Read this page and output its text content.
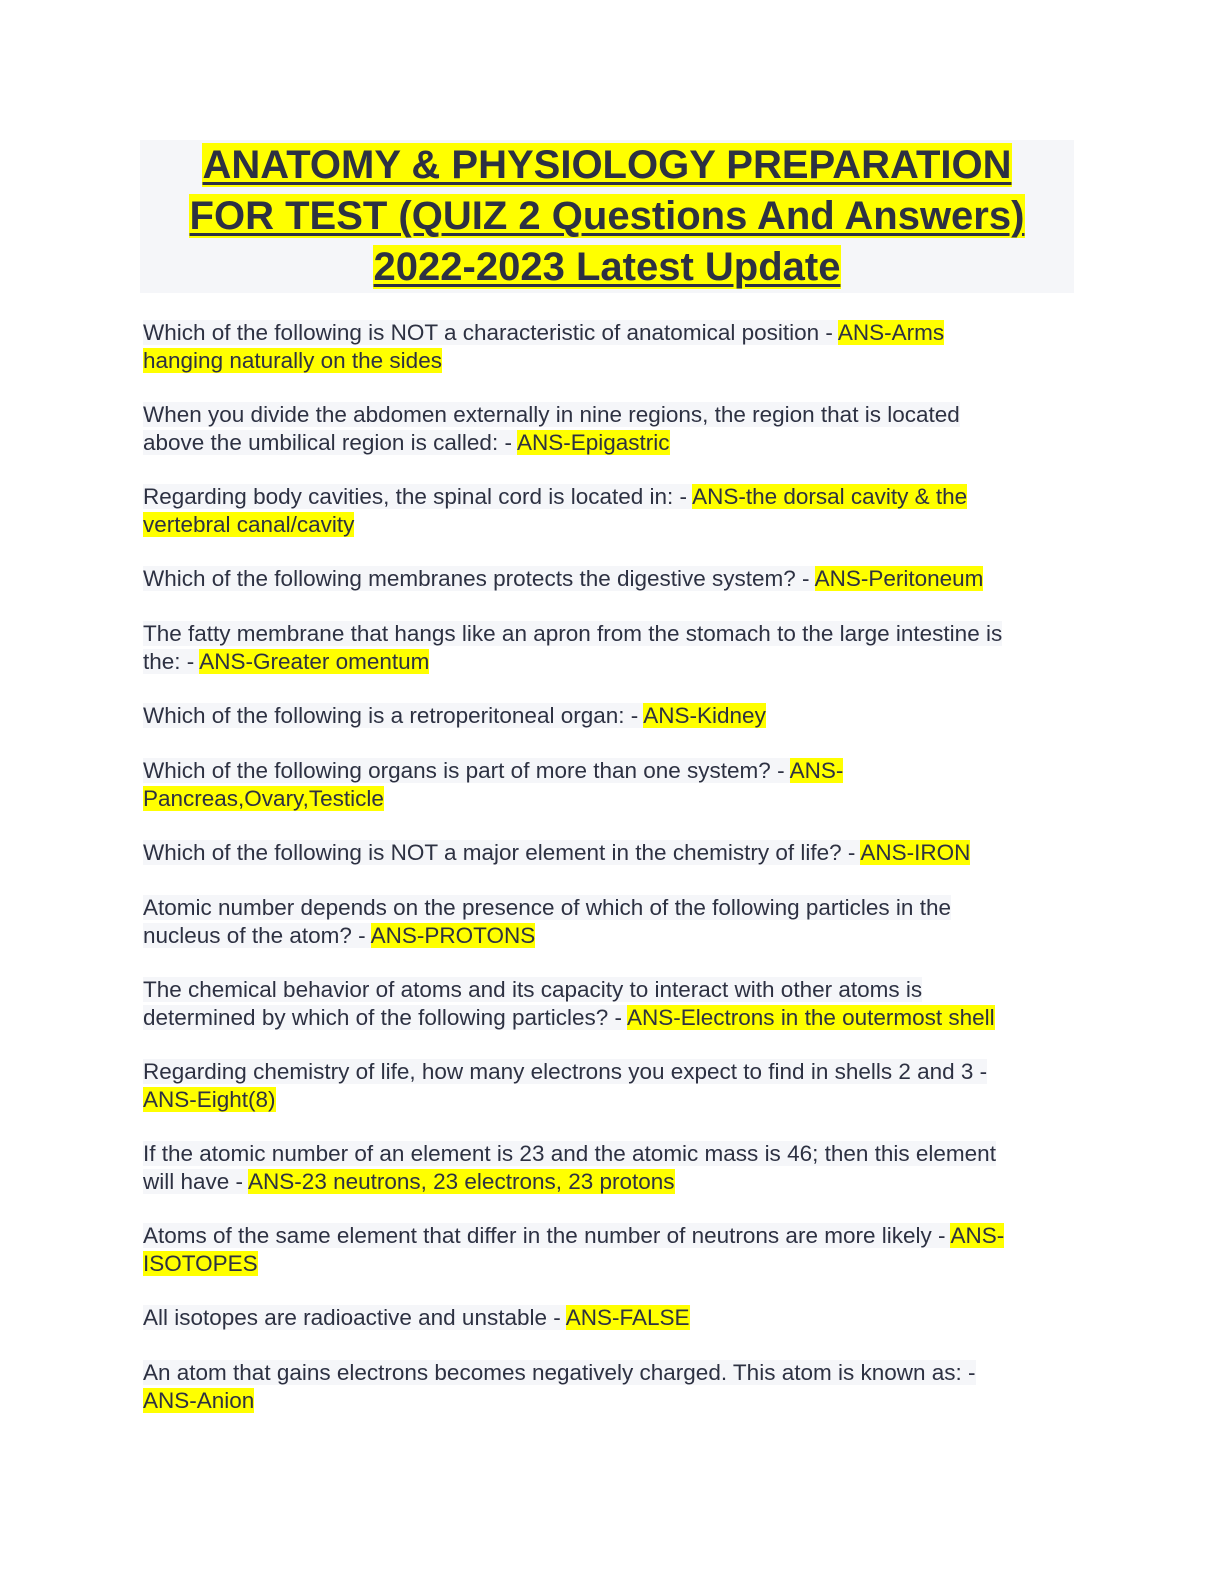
ANATOMY & PHYSIOLOGY PREPARATION
FOR TEST (QUIZ 2 Questions And Answers)
2022-2023 Latest Update
Which of the following is NOT a characteristic of anatomical position - ANS-Arms
hanging naturally on the sides
When you divide the abdomen externally in nine regions, the region that is located
above the umbilical region is called: - ANS-Epigastric
Regarding body cavities, the spinal cord is located in: - ANS-the dorsal cavity & the
vertebral canal/cavity
Which of the following membranes protects the digestive system? - ANS-Peritoneum
The fatty membrane that hangs like an apron from the stomach to the large intestine is
the: - ANS-Greater omentum
Which of the following is a retroperitoneal organ: - ANS-Kidney
Which of the following organs is part of more than one system? - ANS-
Pancreas,Ovary,Testicle
Which of the following is NOT a major element in the chemistry of life? - ANS-IRON
Atomic number depends on the presence of which of the following particles in the
nucleus of the atom? - ANS-PROTONS
The chemical behavior of atoms and its capacity to interact with other atoms is
determined by which of the following particles? - ANS-Electrons in the outermost shell
Regarding chemistry of life, how many electrons you expect to find in shells 2 and 3 -
ANS-Eight(8)
If the atomic number of an element is 23 and the atomic mass is 46; then this element
will have - ANS-23 neutrons, 23 electrons, 23 protons
Atoms of the same element that differ in the number of neutrons are more likely - ANS-
ISOTOPES
All isotopes are radioactive and unstable - ANS-FALSE
An atom that gains electrons becomes negatively charged. This atom is known as: -
ANS-Anion
